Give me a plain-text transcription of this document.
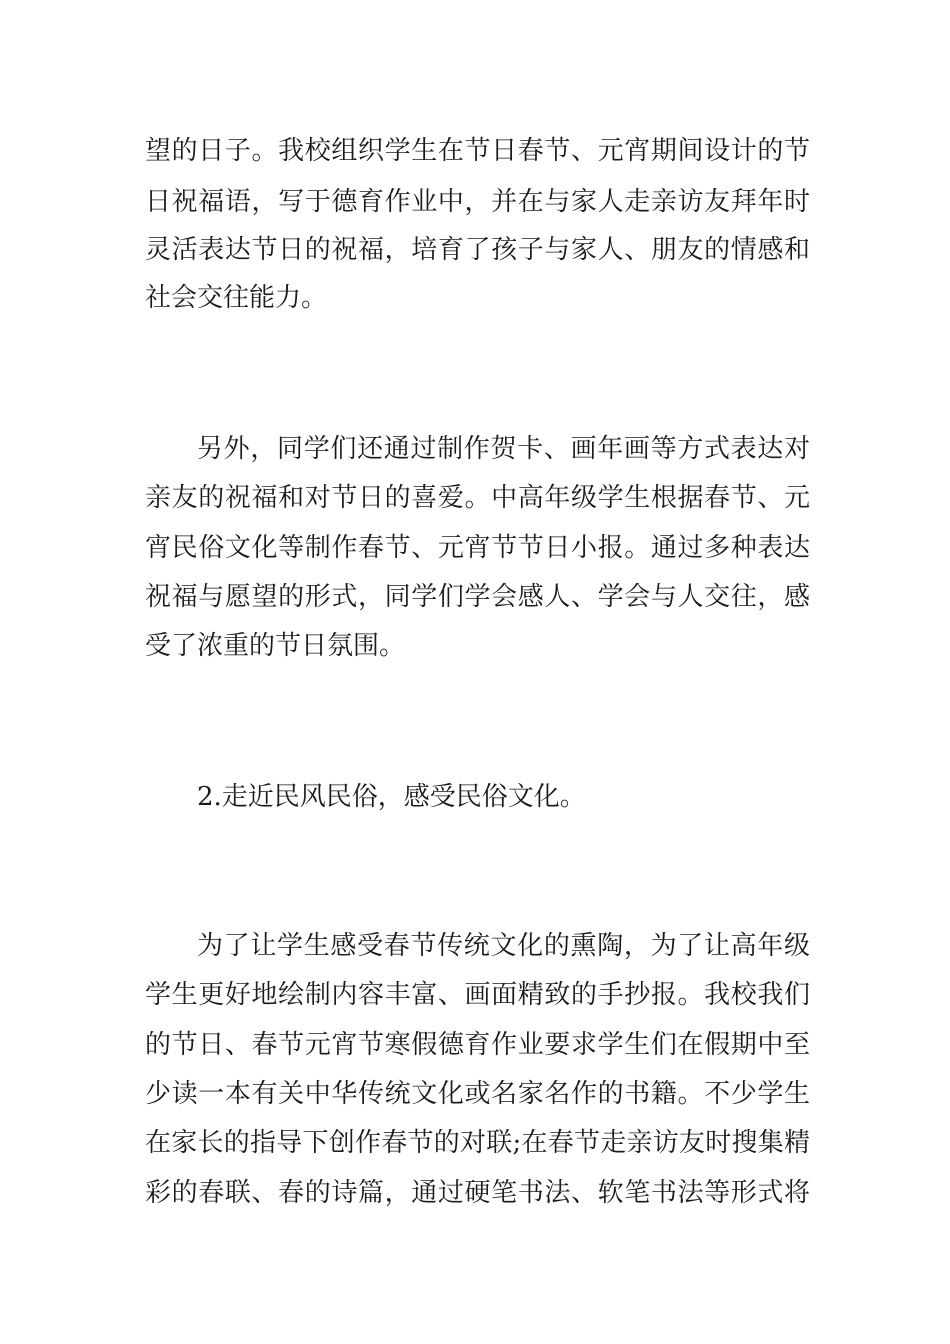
望的日子。我校组织学生在节日春节、元宵期间设计的节
日祝福语，写于德育作业中，并在与家人走亲访友拜年时
灵活表达节日的祝福，培育了孩子与家人、朋友的情感和
社会交往能力。
另外，同学们还通过制作贺卡、画年画等方式表达对
亲友的祝福和对节日的喜爱。中高年级学生根据春节、元
宵民俗文化等制作春节、元宵节节日小报。通过多种表达
祝福与愿望的形式，同学们学会感人、学会与人交往，感
受了浓重的节日氛围。
2.走近民风民俗，感受民俗文化。
为了让学生感受春节传统文化的熏陶，为了让高年级
学生更好地绘制内容丰富、画面精致的手抄报。我校我们
的节日、春节元宵节寒假德育作业要求学生们在假期中至
少读一本有关中华传统文化或名家名作的书籍。不少学生
在家长的指导下创作春节的对联;在春节走亲访友时搜集精
彩的春联、春的诗篇，通过硬笔书法、软笔书法等形式将
